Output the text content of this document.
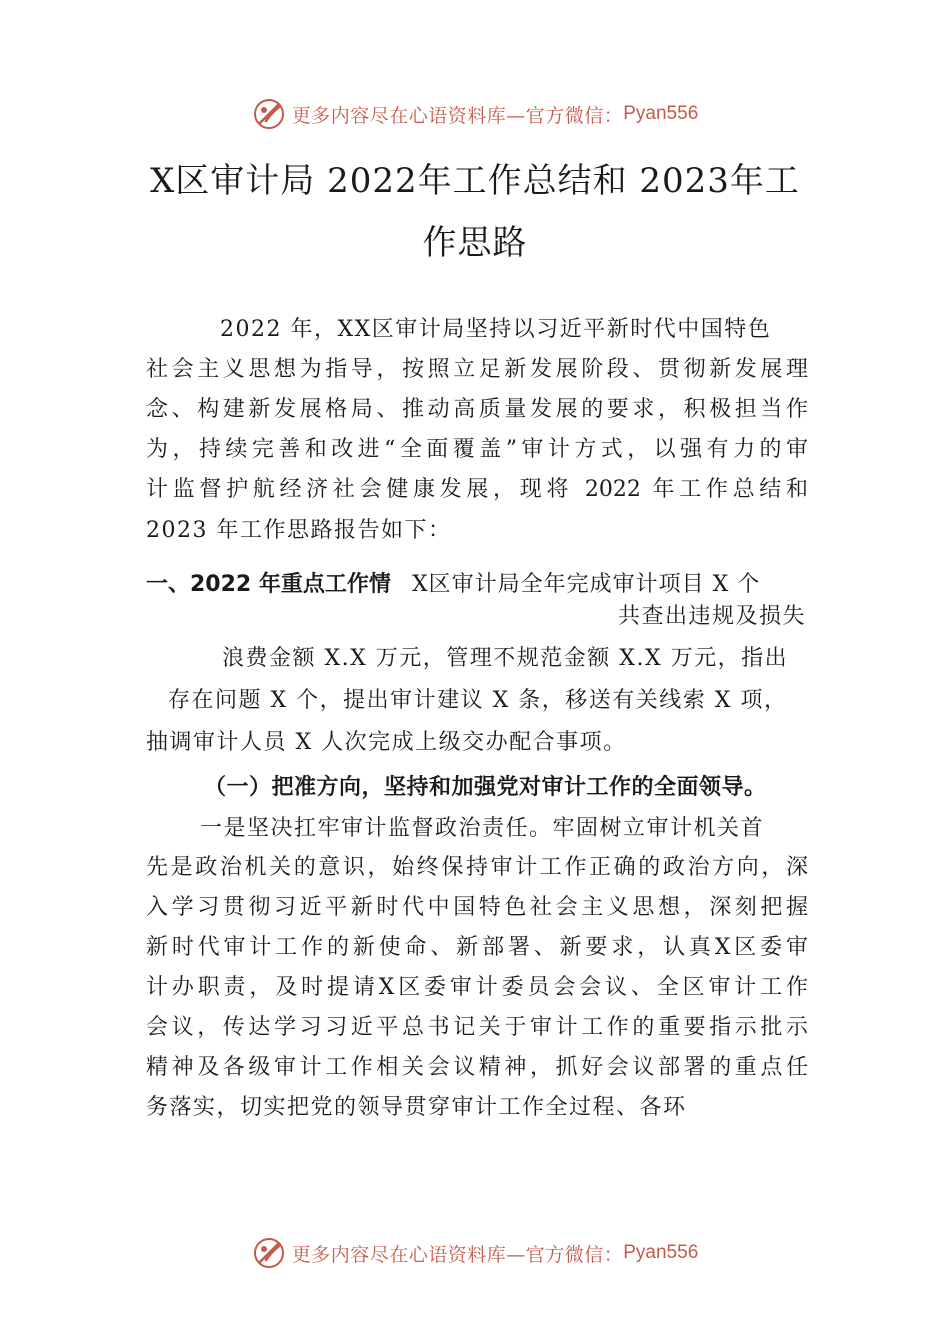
更多内容尽在心语资料库—官方微信： Pyan556
X区审计局 2022年工作总结和 2023年工
作思路

2022 年，XX区审计局坚持以习近平新时代中国特色

社会主义思想为指导，按照立足新发展阶段、贯彻新发展理

念、构建新发展格局、推动高质量发展的要求，积极担当作

为，持续完善和改进“全面覆盖”审计方式，以强有力的审

计监督护航经济社会健康发展，现将 2022 年工作总结和

2023 年工作思路报告如下：

一、2022 年重点工作情 X区审计局全年完成审计项目 X 个

共查出违规及损失

浪费金额 X.X 万元，管理不规范金额 X.X 万元，指出

存在问题 X 个，提出审计建议 X 条，移送有关线索 X 项，

抽调审计人员 X 人次完成上级交办配合事项。

（一）把准方向，坚持和加强党对审计工作的全面领导。

一是坚决扛牢审计监督政治责任。牢固树立审计机关首

先是政治机关的意识，始终保持审计工作正确的政治方向，深

入学习贯彻习近平新时代中国特色社会主义思想，深刻把握

新时代审计工作的新使命、新部署、新要求，认真X区委审

计办职责，及时提请X区委审计委员会会议、全区审计工作

会议，传达学习习近平总书记关于审计工作的重要指示批示

精神及各级审计工作相关会议精神，抓好会议部署的重点任

务落实，切实把党的领导贯穿审计工作全过程、各环

更多内容尽在心语资料库—官方微信： Pyan556
